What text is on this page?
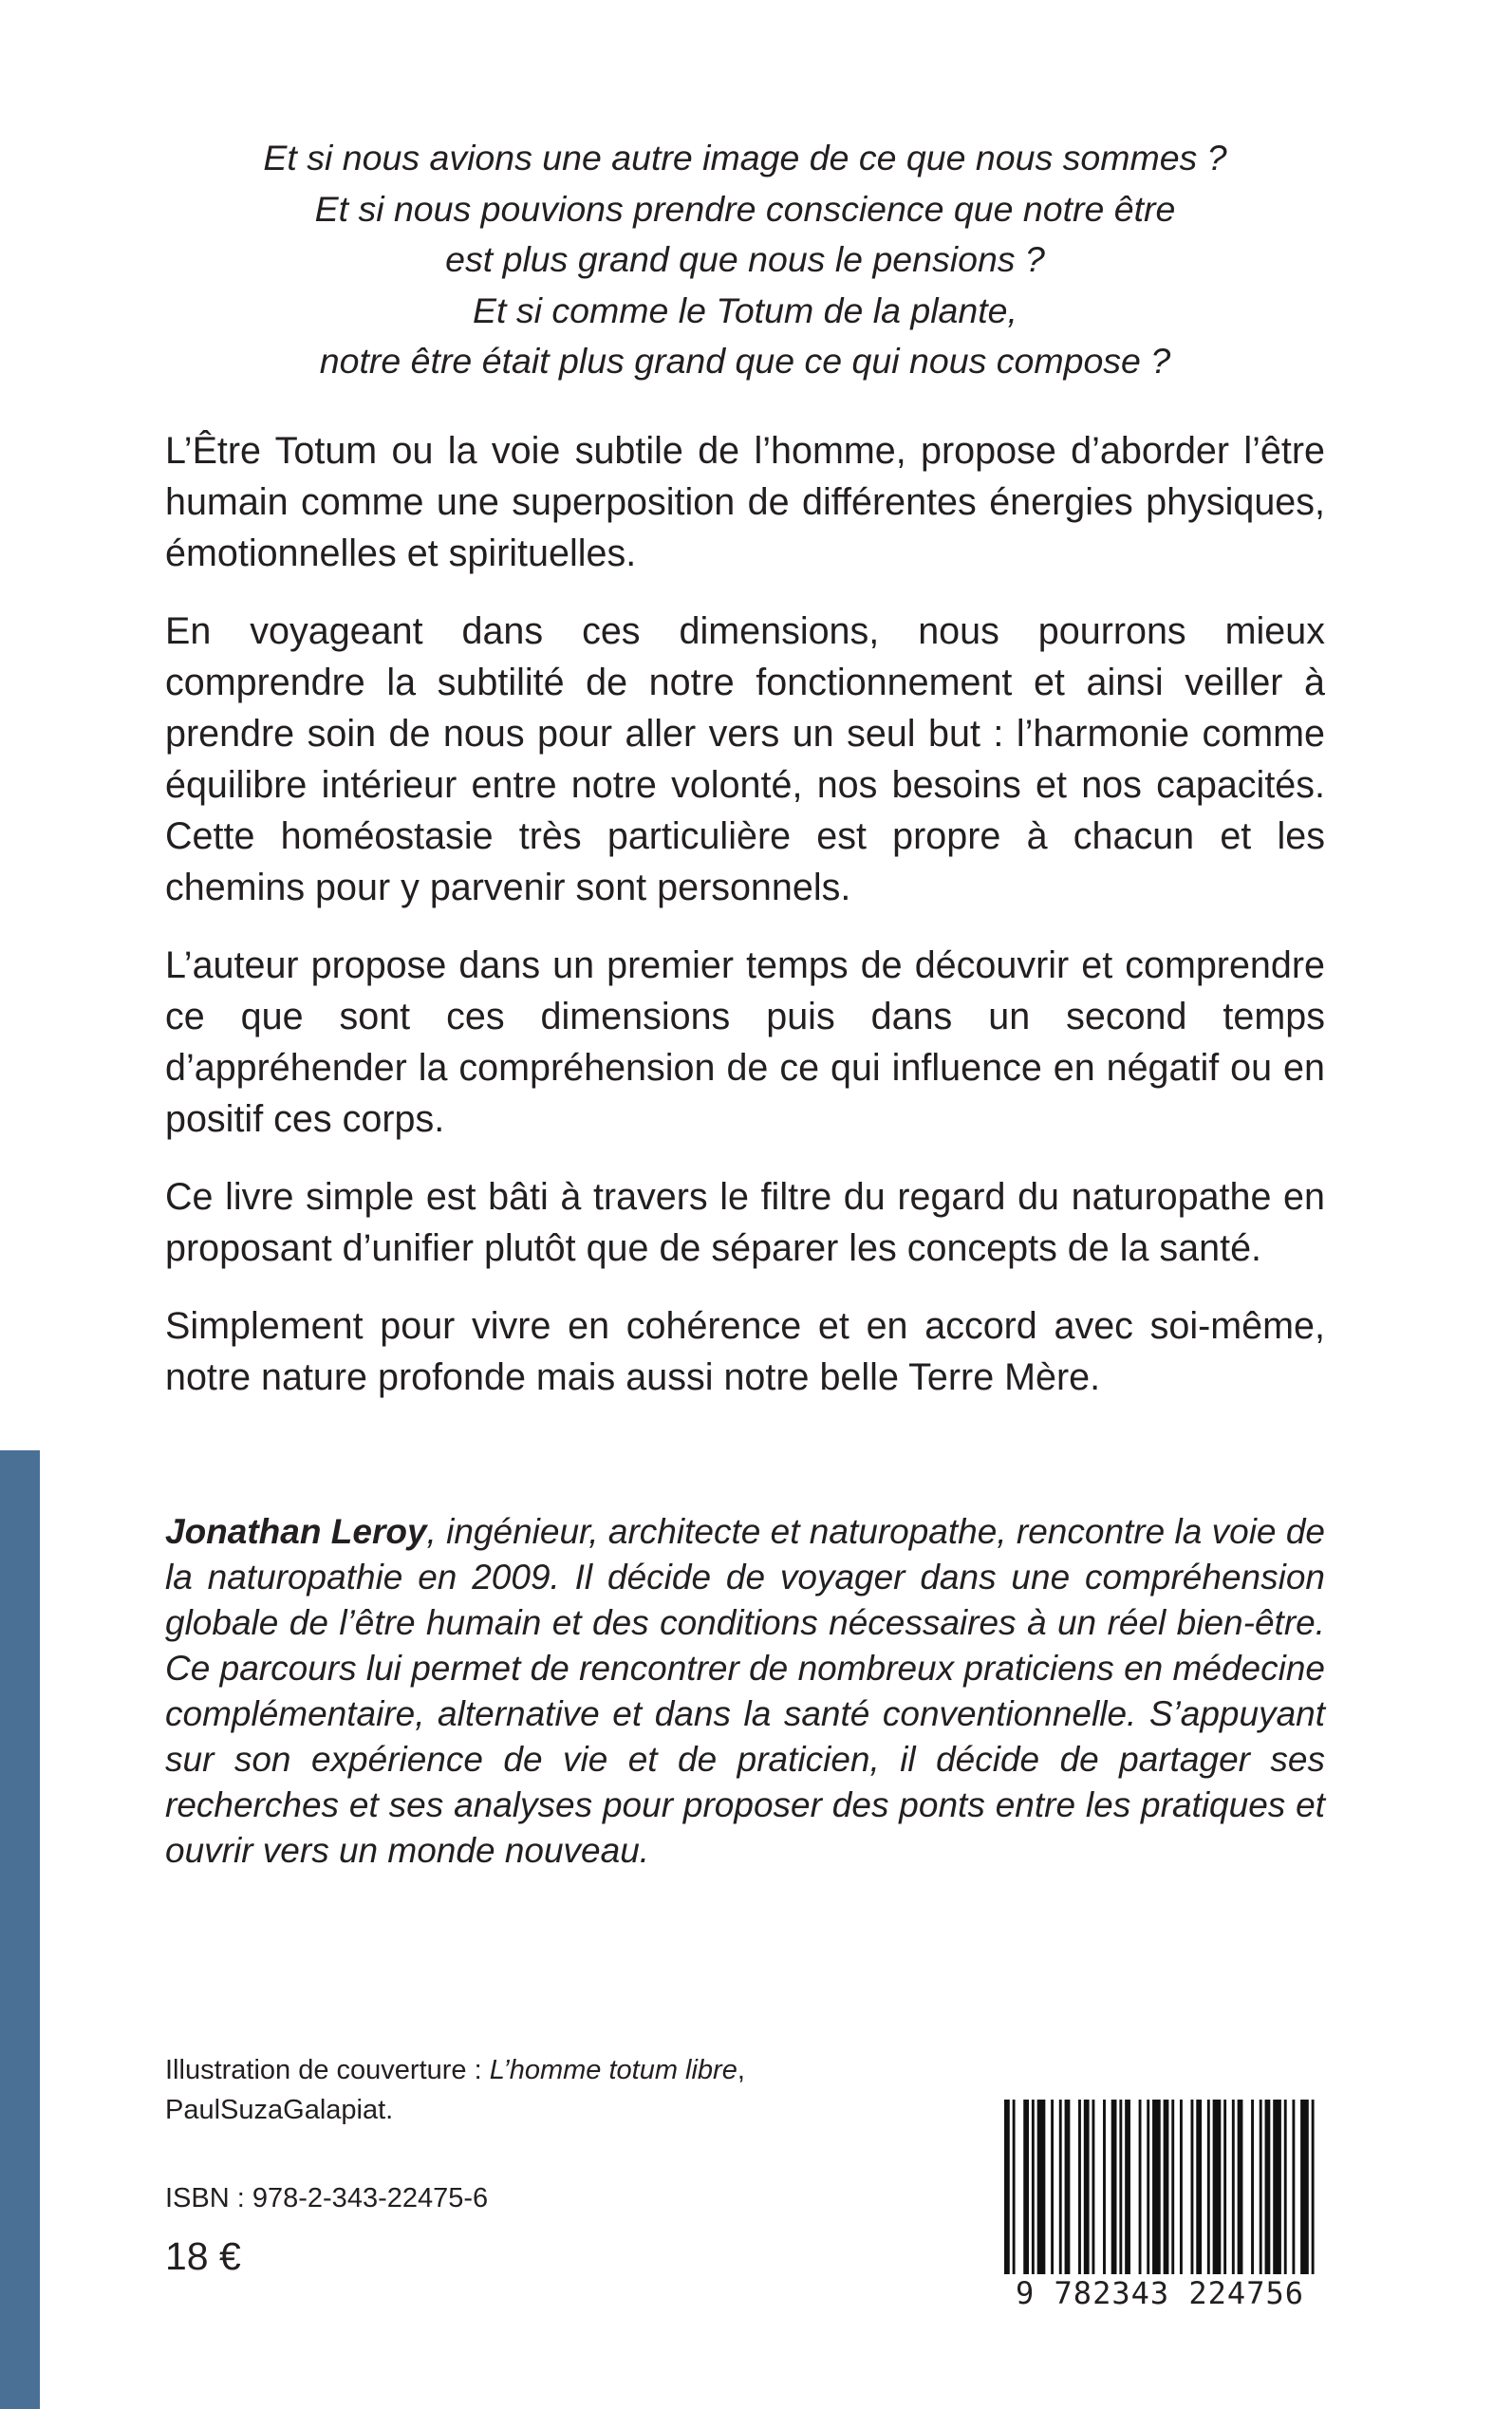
Et si nous avions une autre image de ce que nous sommes ?
Et si nous pouvions prendre conscience que notre être
est plus grand que nous le pensions ?
Et si comme le Totum de la plante,
notre être était plus grand que ce qui nous compose ?

L’Être Totum ou la voie subtile de l’homme, propose d’aborder l’être humain comme une superposition de différentes énergies physiques, émotionnelles et spirituelles.

En voyageant dans ces dimensions, nous pourrons mieux comprendre la subtilité de notre fonctionnement et ainsi veiller à prendre soin de nous pour aller vers un seul but : l’harmonie comme équilibre intérieur entre notre volonté, nos besoins et nos capacités. Cette homéostasie très particulière est propre à chacun et les chemins pour y parvenir sont personnels.

L’auteur propose dans un premier temps de découvrir et comprendre ce que sont ces dimensions puis dans un second temps d’appréhender la compréhension de ce qui influence en négatif ou en positif ces corps.

Ce livre simple est bâti à travers le filtre du regard du naturopathe en proposant d’unifier plutôt que de séparer les concepts de la santé.

Simplement pour vivre en cohérence et en accord avec soi-même, notre nature profonde mais aussi notre belle Terre Mère.

Jonathan Leroy, ingénieur, architecte et naturopathe, rencontre la voie de la naturopathie en 2009. Il décide de voyager dans une compréhension globale de l’être humain et des conditions nécessaires à un réel bien-être. Ce parcours lui permet de rencontrer de nombreux praticiens en médecine complémentaire, alternative et dans la santé conventionnelle. S’appuyant sur son expérience de vie et de praticien, il décide de partager ses recherches et ses analyses pour proposer des ponts entre les pratiques et ouvrir vers un monde nouveau.

Illustration de couverture : L’homme totum libre,
PaulSuzaGalapiat.
ISBN : 978-2-343-22475-6
18 €
9 782343 224756
